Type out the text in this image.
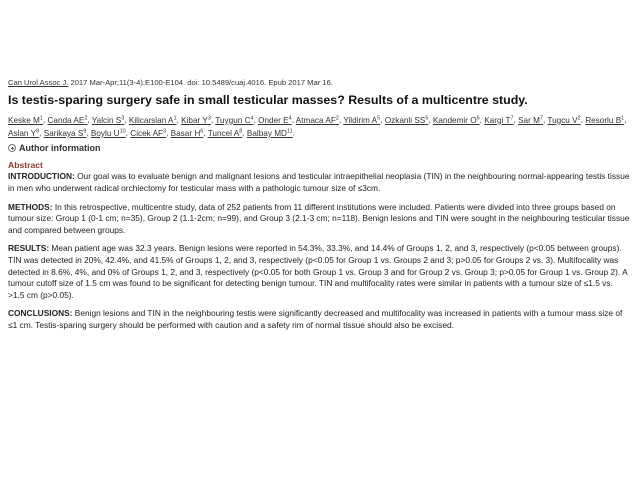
Can Urol Assoc J. 2017 Mar-Apr;11(3-4):E100-E104. doi: 10.5489/cuaj.4016. Epub 2017 Mar 16.
Is testis-sparing surgery safe in small testicular masses? Results of a multicentre study.
Keske $M^1$, Canda $AE^2$, Yalcin $S^3$, Kilicarslan $A^1$, Kibar $Y^3$, Tuygun $C^4$, Onder $E^4$, Atmaca $AF^2$, Yildirim $A^5$, Ozkanli $SS^5$, Kandemir $O^6$, Kargi $T^7$, Sar $M^7$, Tugcu $V^2$, Resorlu $B^1$, Aslan $Y^8$, Sarikaya $S^9$, Boylu $U^{10}$, Cicek $AF^3$, Basar $H^6$, Tuncel $A^8$, Balbay MD$^{11}$.
Author information
Abstract
INTRODUCTION: Our goal was to evaluate benign and malignant lesions and testicular intraepithelial neoplasia (TIN) in the neighbouring normal-appearing testis tissue in men who underwent radical orchiectomy for testicular mass with a pathologic tumour size of ≤3cm.
METHODS: In this retrospective, multicentre study, data of 252 patients from 11 different institutions were included. Patients were divided into three groups based on tumour size: Group 1 (0-1 cm; n=35), Group 2 (1.1-2cm; n=99), and Group 3 (2.1-3 cm; n=118). Benign lesions and TIN were sought in the neighbouring testicular tissue and compared between groups.
RESULTS: Mean patient age was 32.3 years. Benign lesions were reported in 54.3%, 33.3%, and 14.4% of Groups 1, 2, and 3, respectively (p<0.05 between groups). TIN was detected in 20%, 42.4%, and 41.5% of Groups 1, 2, and 3, respectively (p<0.05 for Group 1 vs. Groups 2 and 3; p>0.05 for Groups 2 vs. 3). Multifocality was detected in 8.6%, 4%, and 0% of Groups 1, 2, and 3, respectively (p<0.05 for both Group 1 vs. Group 3 and for Group 2 vs. Group 3; p>0.05 for Group 1 vs. Group 2). A tumour cutoff size of 1.5 cm was found to be significant for detecting benign tumour. TIN and multifocality rates were similar in patients with a tumour size of ≤1.5 vs. >1.5 cm (p>0.05).
CONCLUSIONS: Benign lesions and TIN in the neighbouring testis were significantly decreased and multifocality was increased in patients with a tumour mass size of ≤1 cm. Testis-sparing surgery should be performed with caution and a safety rim of normal tissue should also be excised.
